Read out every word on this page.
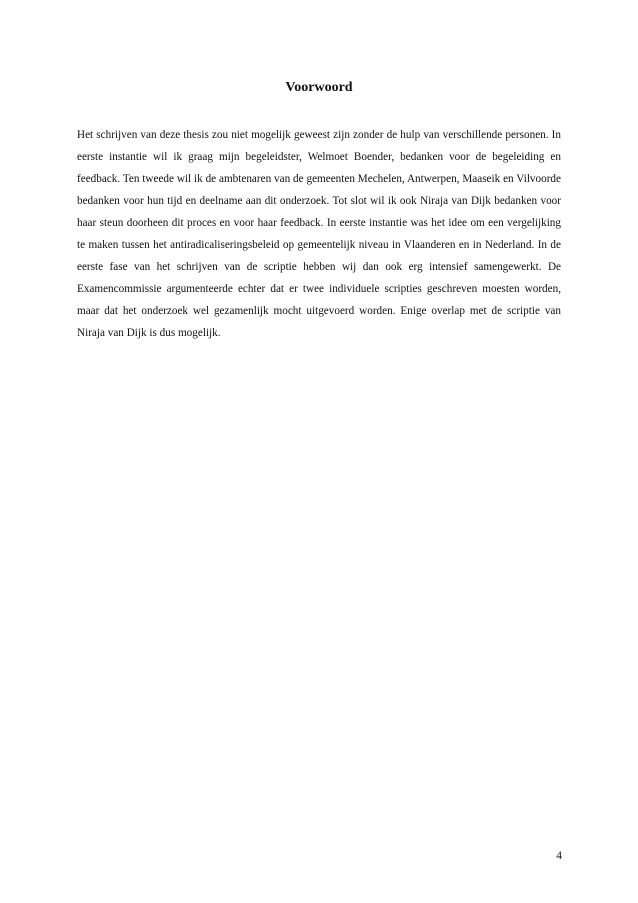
Voorwoord

Het schrijven van deze thesis zou niet mogelijk geweest zijn zonder de hulp van verschillende personen. In eerste instantie wil ik graag mijn begeleidster, Welmoet Boender, bedanken voor de begeleiding en feedback. Ten tweede wil ik de ambtenaren van de gemeenten Mechelen, Antwerpen, Maaseik en Vilvoorde bedanken voor hun tijd en deelname aan dit onderzoek. Tot slot wil ik ook Niraja van Dijk bedanken voor haar steun doorheen dit proces en voor haar feedback. In eerste instantie was het idee om een vergelijking te maken tussen het antiradicaliseringsbeleid op gemeentelijk niveau in Vlaanderen en in Nederland. In de eerste fase van het schrijven van de scriptie hebben wij dan ook erg intensief samengewerkt. De Examencommissie argumenteerde echter dat er twee individuele scripties geschreven moesten worden, maar dat het onderzoek wel gezamenlijk mocht uitgevoerd worden. Enige overlap met de scriptie van Niraja van Dijk is dus mogelijk.

4
